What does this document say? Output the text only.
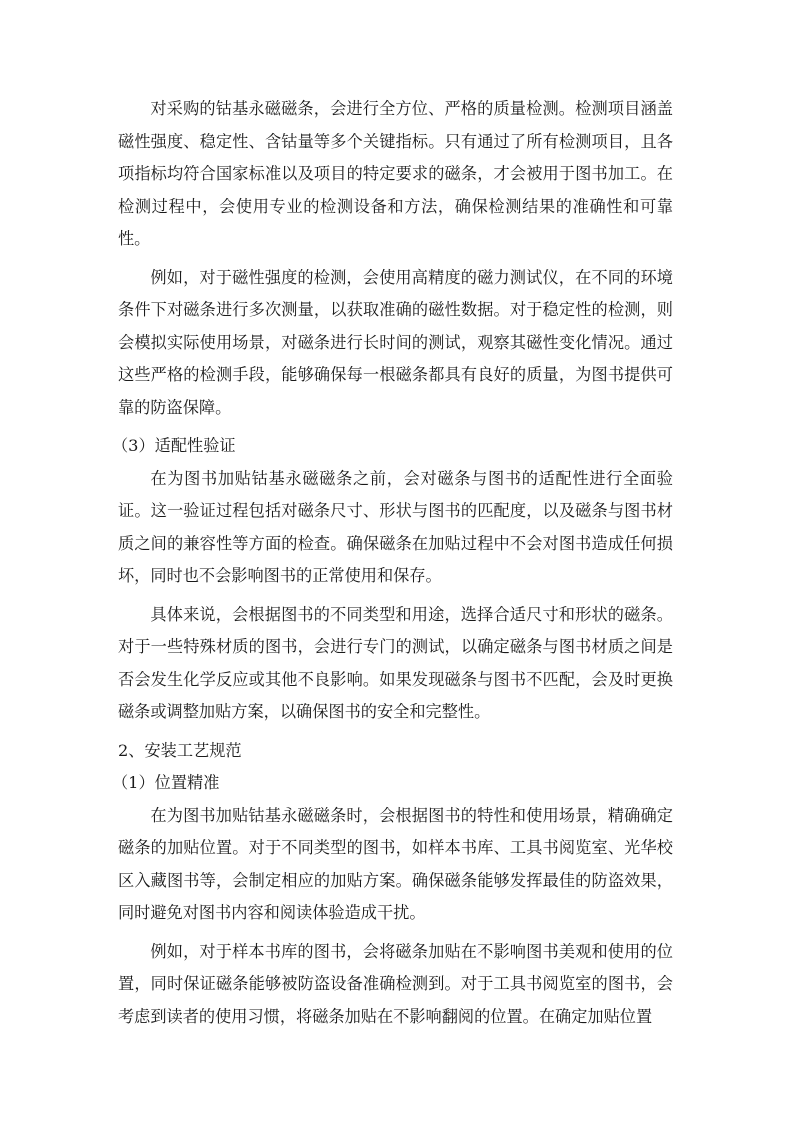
对采购的钴基永磁磁条，会进行全方位、严格的质量检测。检测项目涵盖磁性强度、稳定性、含钴量等多个关键指标。只有通过了所有检测项目，且各项指标均符合国家标准以及项目的特定要求的磁条，才会被用于图书加工。在检测过程中，会使用专业的检测设备和方法，确保检测结果的准确性和可靠性。

例如，对于磁性强度的检测，会使用高精度的磁力测试仪，在不同的环境条件下对磁条进行多次测量，以获取准确的磁性数据。对于稳定性的检测，则会模拟实际使用场景，对磁条进行长时间的测试，观察其磁性变化情况。通过这些严格的检测手段，能够确保每一根磁条都具有良好的质量，为图书提供可靠的防盗保障。

（3）适配性验证

在为图书加贴钴基永磁磁条之前，会对磁条与图书的适配性进行全面验证。这一验证过程包括对磁条尺寸、形状与图书的匹配度，以及磁条与图书材质之间的兼容性等方面的检查。确保磁条在加贴过程中不会对图书造成任何损坏，同时也不会影响图书的正常使用和保存。

具体来说，会根据图书的不同类型和用途，选择合适尺寸和形状的磁条。对于一些特殊材质的图书，会进行专门的测试，以确定磁条与图书材质之间是否会发生化学反应或其他不良影响。如果发现磁条与图书不匹配，会及时更换磁条或调整加贴方案，以确保图书的安全和完整性。

2、安装工艺规范

（1）位置精准

在为图书加贴钴基永磁磁条时，会根据图书的特性和使用场景，精确确定磁条的加贴位置。对于不同类型的图书，如样本书库、工具书阅览室、光华校区入藏图书等，会制定相应的加贴方案。确保磁条能够发挥最佳的防盗效果，同时避免对图书内容和阅读体验造成干扰。

例如，对于样本书库的图书，会将磁条加贴在不影响图书美观和使用的位置，同时保证磁条能够被防盗设备准确检测到。对于工具书阅览室的图书，会考虑到读者的使用习惯，将磁条加贴在不影响翻阅的位置。在确定加贴位置
